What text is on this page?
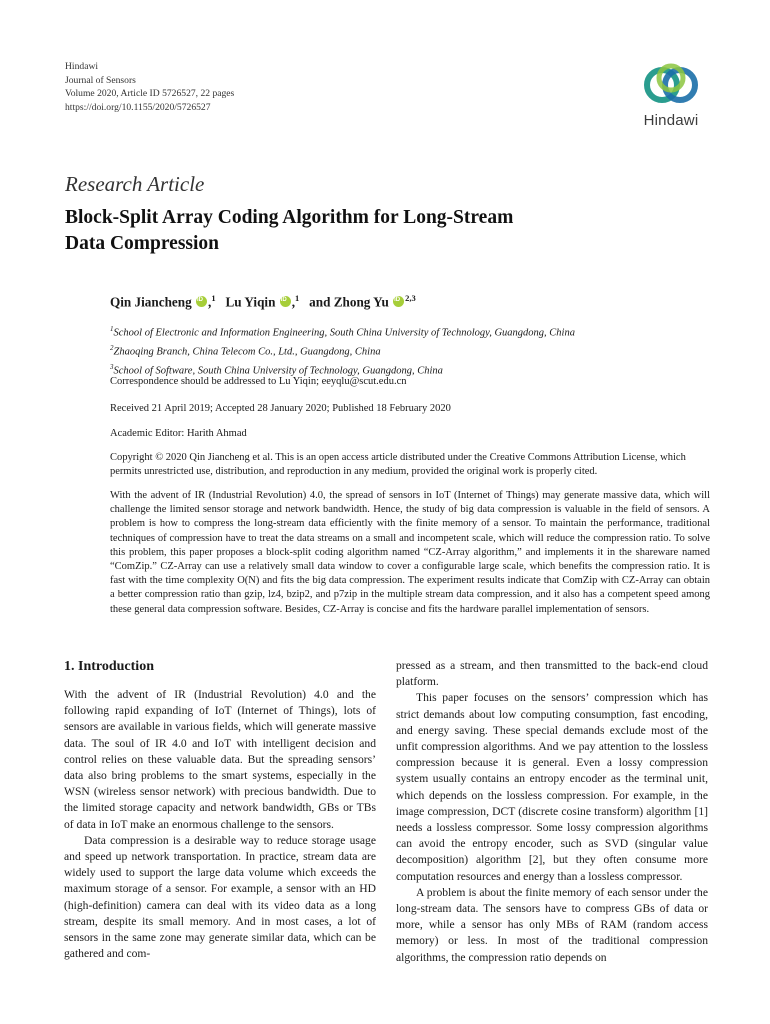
Hindawi
Journal of Sensors
Volume 2020, Article ID 5726527, 22 pages
https://doi.org/10.1155/2020/5726527
Hindawi
Research Article
Block-Split Array Coding Algorithm for Long-Stream
Data Compression
Qin Jiancheng iD ,$^1$ Lu Yiqin iD ,$^1$ and Zhong Yu iD $^{2,3}$
$^1$School of Electronic and Information Engineering, South China University of Technology, Guangdong, China
$^2$Zhaoqing Branch, China Telecom Co., Ltd., Guangdong, China
$^3$School of Software, South China University of Technology, Guangdong, China
Correspondence should be addressed to Lu Yiqin; eeyqlu@scut.edu.cn
Received 21 April 2019; Accepted 28 January 2020; Published 18 February 2020
Academic Editor: Harith Ahmad
Copyright © 2020 Qin Jiancheng et al. This is an open access article distributed under the Creative Commons Attribution License, which permits unrestricted use, distribution, and reproduction in any medium, provided the original work is properly cited.
With the advent of IR (Industrial Revolution) 4.0, the spread of sensors in IoT (Internet of Things) may generate massive data, which will challenge the limited sensor storage and network bandwidth. Hence, the study of big data compression is valuable in the field of sensors. A problem is how to compress the long-stream data efficiently with the finite memory of a sensor. To maintain the performance, traditional techniques of compression have to treat the data streams on a small and incompetent scale, which will reduce the compression ratio. To solve this problem, this paper proposes a block-split coding algorithm named “CZ-Array algorithm,” and implements it in the shareware named “ComZip.” CZ-Array can use a relatively small data window to cover a configurable large scale, which benefits the compression ratio. It is fast with the time complexity O(N) and fits the big data compression. The experiment results indicate that ComZip with CZ-Array can obtain a better compression ratio than gzip, lz4, bzip2, and p7zip in the multiple stream data compression, and it also has a competent speed among these general data compression software. Besides, CZ-Array is concise and fits the hardware parallel implementation of sensors.
1. Introduction

With the advent of IR (Industrial Revolution) 4.0 and the following rapid expanding of IoT (Internet of Things), lots of sensors are available in various fields, which will generate massive data. The soul of IR 4.0 and IoT with intelligent decision and control relies on these valuable data. But the spreading sensors’ data also bring problems to the smart systems, especially in the WSN (wireless sensor network) with precious bandwidth. Due to the limited storage capacity and network bandwidth, GBs or TBs of data in IoT make an enormous challenge to the sensors.

Data compression is a desirable way to reduce storage usage and speed up network transportation. In practice, stream data are widely used to support the large data volume which exceeds the maximum storage of a sensor. For example, a sensor with an HD (high-definition) camera can deal with its video data as a long stream, despite its small memory. And in most cases, a lot of sensors in the same zone may generate similar data, which can be gathered and com-

pressed as a stream, and then transmitted to the back-end cloud platform.

This paper focuses on the sensors’ compression which has strict demands about low computing consumption, fast encoding, and energy saving. These special demands exclude most of the unfit compression algorithms. And we pay attention to the lossless compression because it is general. Even a lossy compression system usually contains an entropy encoder as the terminal unit, which depends on the lossless compression. For example, in the image compression, DCT (discrete cosine transform) algorithm [1] needs a lossless compressor. Some lossy compression algorithms can avoid the entropy encoder, such as SVD (singular value decomposition) algorithm [2], but they often consume more computation resources and energy than a lossless compressor.

A problem is about the finite memory of each sensor under the long-stream data. The sensors have to compress GBs of data or more, while a sensor has only MBs of RAM (random access memory) or less. In most of the traditional compression algorithms, the compression ratio depends on
